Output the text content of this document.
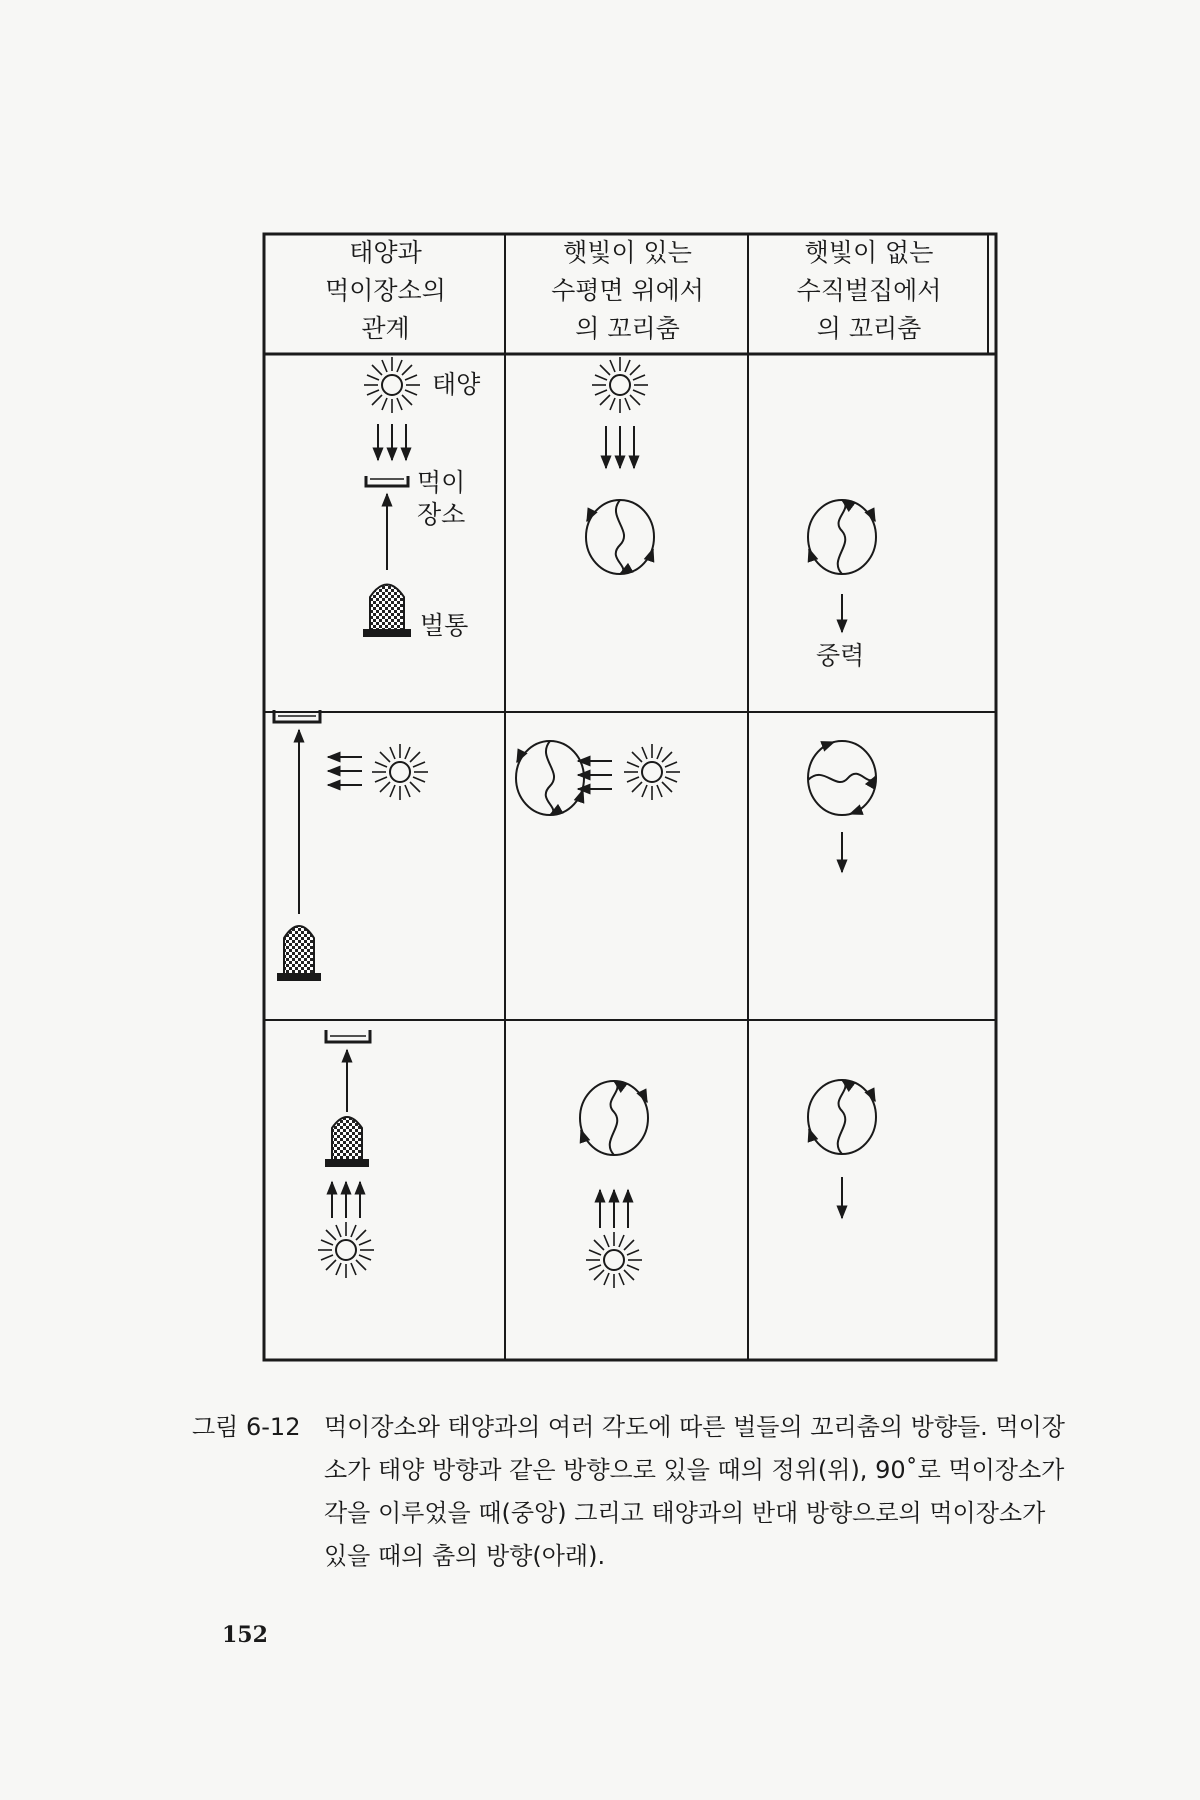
태양과
먹이장소의
관계
햇빛이 있는
수평면 위에서
의 꼬리춤
햇빛이 없는
수직벌집에서
의 꼬리춤
태양
먹이
장소
벌통
중력
그림 6-12 먹이장소와 태양과의 여러 각도에 따른 벌들의 꼬리춤의 방향들. 먹이장소가 태양 방향과 같은 방향으로 있을 때의 정위(위), 90˚로 먹이장소가 각을 이루었을 때(중앙) 그리고 태양과의 반대 방향으로의 먹이장소가 있을 때의 춤의 방향(아래).
152
